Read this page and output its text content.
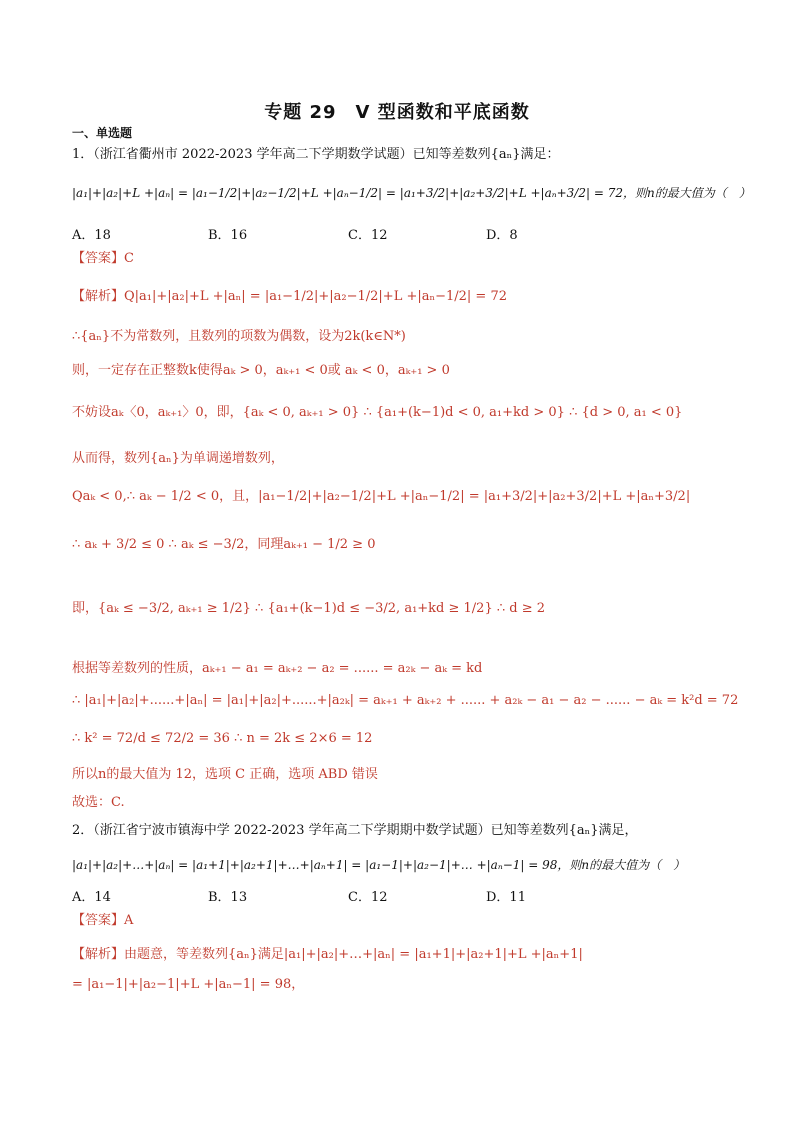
专题 29　V 型函数和平底函数
一、单选题
1．（浙江省衢州市 2022-2023 学年高二下学期数学试题）已知等差数列{aₙ}满足：
|a₁|+|a₂|+L +|aₙ| = |a₁−1/2|+|a₂−1/2|+L +|aₙ−1/2| = |a₁+3/2|+|a₂+3/2|+L +|aₙ+3/2| = 72，则n的最大值为（　）
A．18	B．16	C．12	D．8
【答案】C
【解析】Q|a₁|+|a₂|+L +|aₙ| = |a₁−1/2|+|a₂−1/2|+L +|aₙ−1/2| = 72
∴{aₙ}不为常数列，且数列的项数为偶数，设为2k(k∈N*)
则，一定存在正整数k使得aₖ > 0，aₖ₊₁ < 0或 aₖ < 0，aₖ₊₁ > 0
不妨设aₖ〈0，aₖ₊₁〉0，即，{aₖ < 0, aₖ₊₁ > 0} ∴ {a₁+(k−1)d < 0, a₁+kd > 0} ∴ {d > 0, a₁ < 0}
从而得，数列{aₙ}为单调递增数列，
Qaₖ < 0,∴ aₖ − 1/2 < 0，且，|a₁−1/2|+|a₂−1/2|+L +|aₙ−1/2| = |a₁+3/2|+|a₂+3/2|+L +|aₙ+3/2|
∴ aₖ + 3/2 ≤ 0 ∴ aₖ ≤ −3/2，同理aₖ₊₁ − 1/2 ≥ 0
即，{aₖ ≤ −3/2, aₖ₊₁ ≥ 1/2} ∴ {a₁+(k−1)d ≤ −3/2, a₁+kd ≥ 1/2} ∴ d ≥ 2
根据等差数列的性质，aₖ₊₁ − a₁ = aₖ₊₂ − a₂ = ...... = a₂ₖ − aₖ = kd
∴ |a₁|+|a₂|+......+|aₙ| = |a₁|+|a₂|+......+|a₂ₖ| = aₖ₊₁ + aₖ₊₂ + ...... + a₂ₖ − a₁ − a₂ − ...... − aₖ = k²d = 72
∴ k² = 72/d ≤ 72/2 = 36 ∴ n = 2k ≤ 2×6 = 12
所以n的最大值为 12，选项 C 正确，选项 ABD 错误
故选：C.
2．（浙江省宁波市镇海中学 2022-2023 学年高二下学期期中数学试题）已知等差数列{aₙ}满足，
|a₁|+|a₂|+…+|aₙ| = |a₁+1|+|a₂+1|+…+|aₙ+1| = |a₁−1|+|a₂−1|+… +|aₙ−1| = 98，则n的最大值为（　）
A．14	B．13	C．12	D．11
【答案】A
【解析】由题意，等差数列{aₙ}满足|a₁|+|a₂|+…+|aₙ| = |a₁+1|+|a₂+1|+L +|aₙ+1|
= |a₁−1|+|a₂−1|+L +|aₙ−1| = 98，
